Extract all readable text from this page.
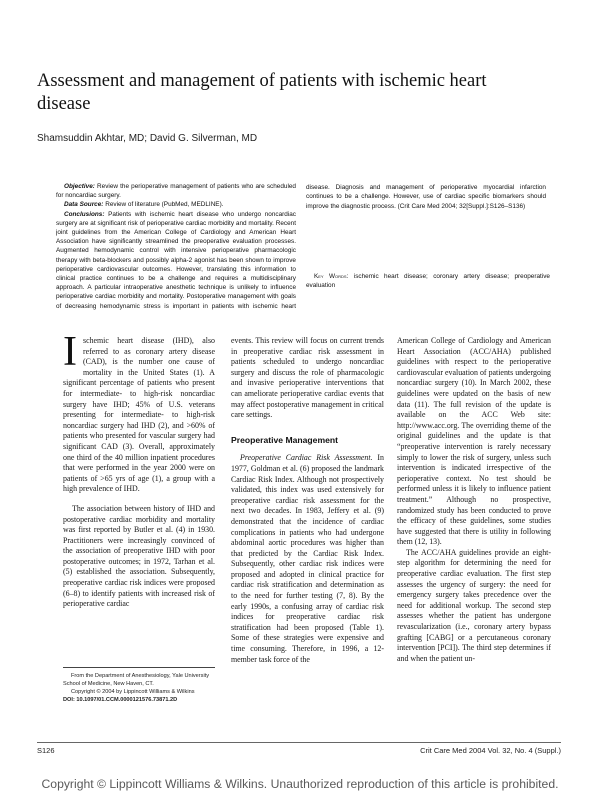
Assessment and management of patients with ischemic heart disease
Shamsuddin Akhtar, MD; David G. Silverman, MD

Objective: Review the perioperative management of patients who are scheduled for noncardiac surgery.

Data Source: Review of literature (PubMed, MEDLINE).

Conclusions: Patients with ischemic heart disease who undergo noncardiac surgery are at significant risk of perioperative cardiac morbidity and mortality. Recent joint guidelines from the American College of Cardiology and American Heart Association have significantly streamlined the preoperative evaluation processes. Augmented hemodynamic control with intensive perioperative pharmacologic therapy with beta-blockers and possibly alpha-2 agonist has been shown to improve perioperative cardiovascular outcomes. However, translating this information to clinical practice continues to be a challenge and requires a multidisciplinary approach. A particular intraoperative anesthetic technique is unlikely to influence perioperative cardiac morbidity and mortality. Postoperative management with goals of decreasing hemodynamic stress is important in patients with ischemic heart

disease. Diagnosis and management of perioperative myocardial infarction continues to be a challenge. However, use of cardiac specific biomarkers should improve the diagnostic process. (Crit Care Med 2004; 32[Suppl.]:S126–S136)

Key Words: ischemic heart disease; coronary artery disease; preoperative evaluation

I schemic heart disease (IHD), also referred to as coronary artery disease (CAD), is the number one cause of mortality in the United States (1). A significant percentage of patients who present for intermediate- to high-risk noncardiac surgery have IHD; 45% of U.S. veterans presenting for intermediate- to high-risk noncardiac surgery had IHD (2), and >60% of patients who presented for vascular surgery had significant CAD (3). Overall, approximately one third of the 40 million inpatient procedures that were performed in the year 2000 were on patients of >65 yrs of age (1), a group with a high prevalence of IHD.

The association between history of IHD and postoperative cardiac morbidity and mortality was first reported by Butler et al. (4) in 1930. Practitioners were increasingly convinced of the association of preoperative IHD with poor postoperative outcomes; in 1972, Tarhan et al. (5) established the association. Subsequently, preoperative cardiac risk indices were proposed (6–8) to identify patients with increased risk of perioperative cardiac

events. This review will focus on current trends in preoperative cardiac risk assessment in patients scheduled to undergo noncardiac surgery and discuss the role of pharmacologic and invasive perioperative interventions that can ameliorate perioperative cardiac events that may affect postoperative management in critical care settings.

Preoperative Management

Preoperative Cardiac Risk Assessment. In 1977, Goldman et al. (6) proposed the landmark Cardiac Risk Index. Although not prospectively validated, this index was used extensively for preoperative cardiac risk assessment for the next two decades. In 1983, Jeffery et al. (9) demonstrated that the incidence of cardiac complications in patients who had undergone abdominal aortic procedures was higher than that predicted by the Cardiac Risk Index. Subsequently, other cardiac risk indices were proposed and adopted in clinical practice for cardiac risk stratification and determination as to the need for further testing (7, 8). By the early 1990s, a confusing array of cardiac risk indices for preoperative cardiac risk stratification had been proposed (Table 1). Some of these strategies were expensive and time consuming. Therefore, in 1996, a 12-member task force of the

American College of Cardiology and American Heart Association (ACC/AHA) published guidelines with respect to the perioperative cardiovascular evaluation of patients undergoing noncardiac surgery (10). In March 2002, these guidelines were updated on the basis of new data (11). The full revision of the update is available on the ACC Web site: http://www.acc.org. The overriding theme of the original guidelines and the update is that “preoperative intervention is rarely necessary simply to lower the risk of surgery, unless such intervention is indicated irrespective of the perioperative context. No test should be performed unless it is likely to influence patient treatment.” Although no prospective, randomized study has been conducted to prove the efficacy of these guidelines, some studies have suggested that there is utility in following them (12, 13).

The ACC/AHA guidelines provide an eight-step algorithm for determining the need for preoperative cardiac evaluation. The first step assesses the urgency of surgery: the need for emergency surgery takes precedence over the need for additional workup. The second step assesses whether the patient has undergone revascularization (i.e., coronary artery bypass grafting [CABG] or a percutaneous coronary intervention [PCI]). The third step determines if and when the patient un-

From the Department of Anesthesiology, Yale University School of Medicine, New Haven, CT.
Copyright © 2004 by Lippincott Williams & Wilkins
DOI: 10.1097/01.CCM.0000121576.73871.2D
S126	Crit Care Med 2004 Vol. 32, No. 4 (Suppl.)
Copyright © Lippincott Williams & Wilkins. Unauthorized reproduction of this article is prohibited.
